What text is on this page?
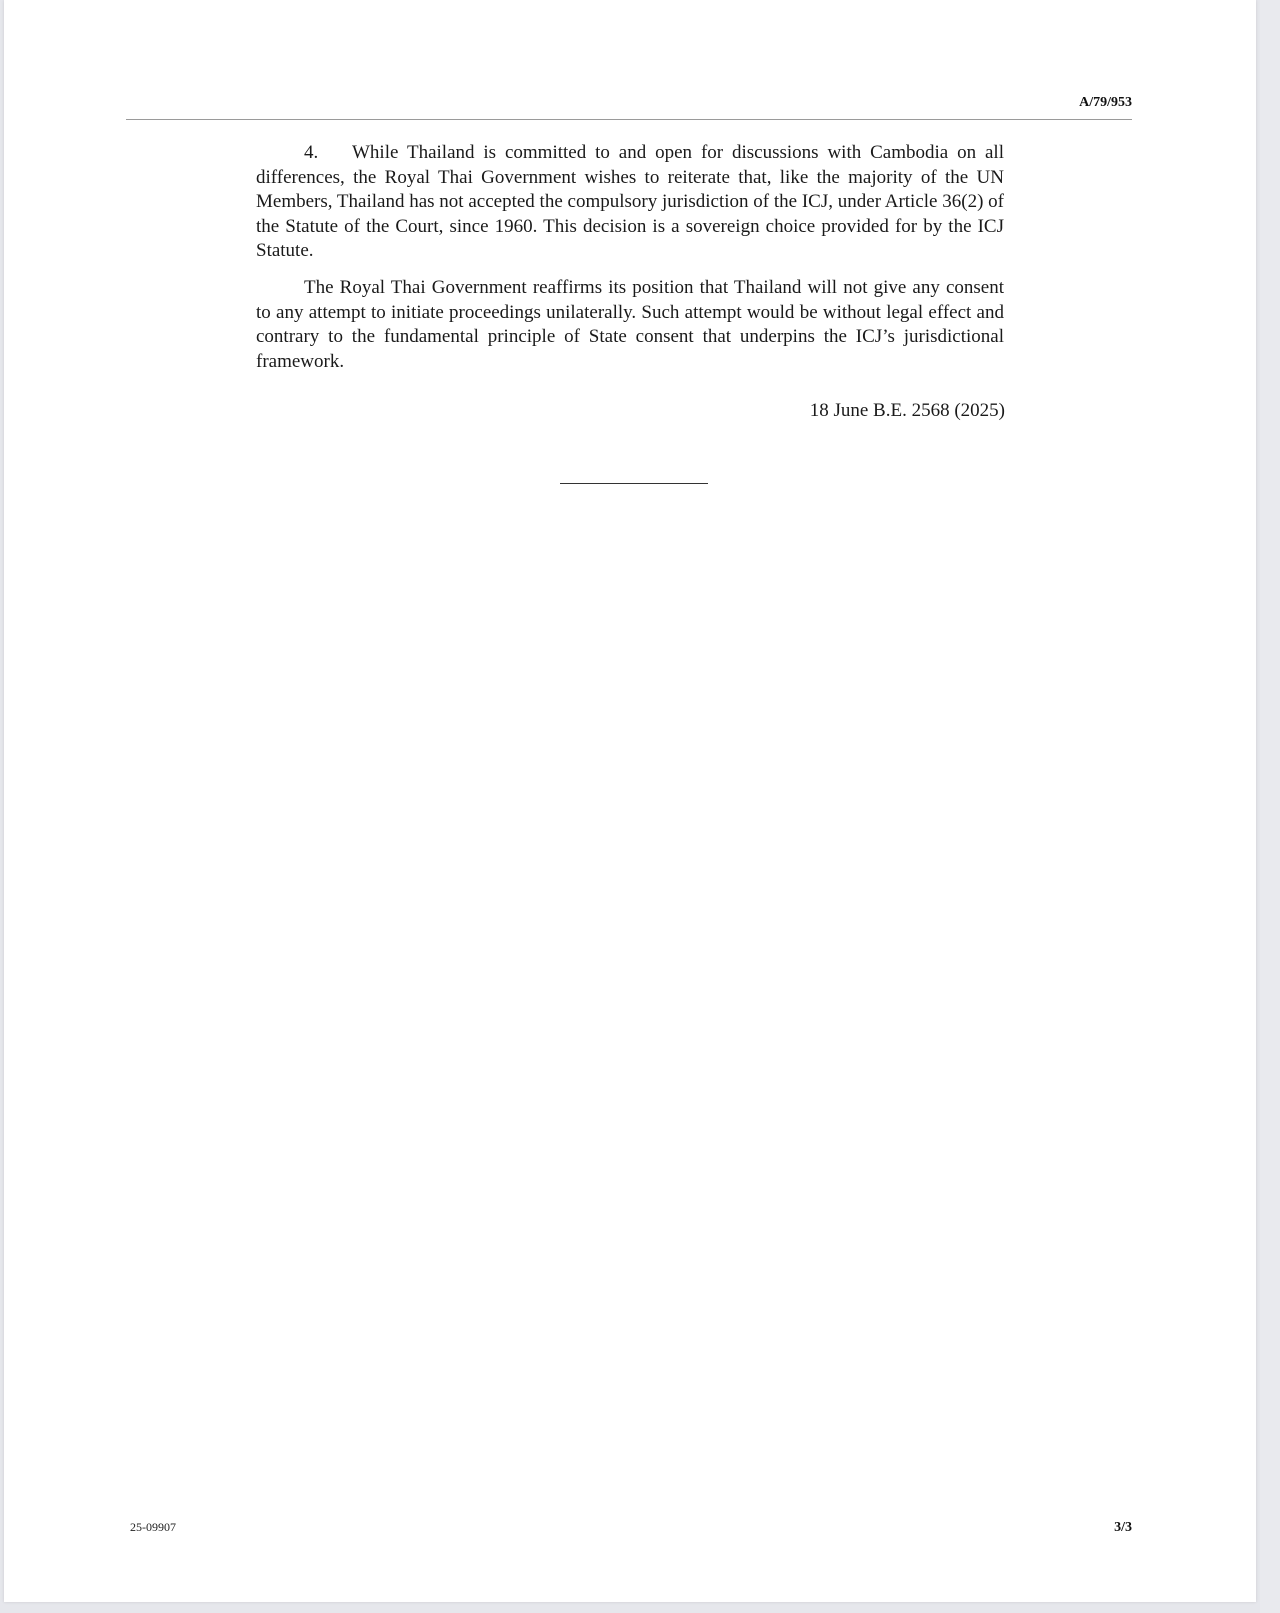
A/79/953

4. While Thailand is committed to and open for discussions with Cambodia on all differences, the Royal Thai Government wishes to reiterate that, like the majority of the UN Members, Thailand has not accepted the compulsory jurisdiction of the ICJ, under Article 36(2) of the Statute of the Court, since 1960. This decision is a sovereign choice provided for by the ICJ Statute.

The Royal Thai Government reaffirms its position that Thailand will not give any consent to any attempt to initiate proceedings unilaterally. Such attempt would be without legal effect and contrary to the fundamental principle of State consent that underpins the ICJ’s jurisdictional framework.

18 June B.E. 2568 (2025)
25-09907	3/3
